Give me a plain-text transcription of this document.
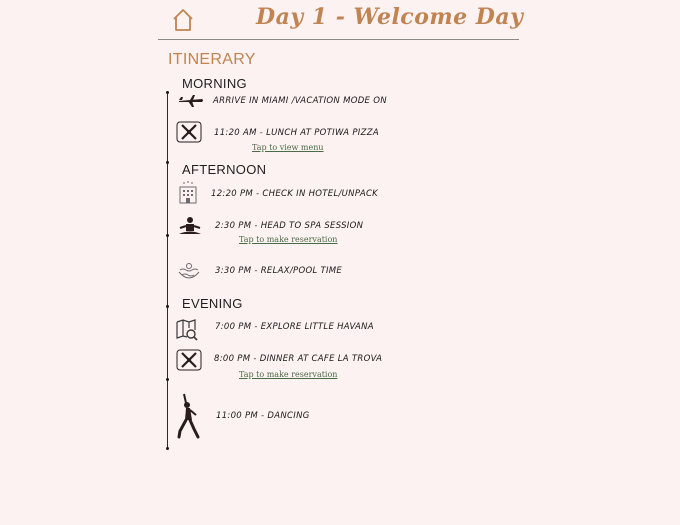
Day 1 - Welcome Day
ITINERARY
MORNING
AFTERNOON
EVENING
ARRIVE IN MIAMI /VACATION MODE ON
11:20 AM - LUNCH AT POTIWA PIZZA
Tap to view menu
12:20 PM - CHECK IN HOTEL/UNPACK
2:30 PM - HEAD TO SPA SESSION
Tap to make reservation
3:30 PM - RELAX/POOL TIME
7:00 PM - EXPLORE LITTLE HAVANA
8:00 PM - DINNER AT CAFE LA TROVA
Tap to make reservation
11:00 PM - DANCING
